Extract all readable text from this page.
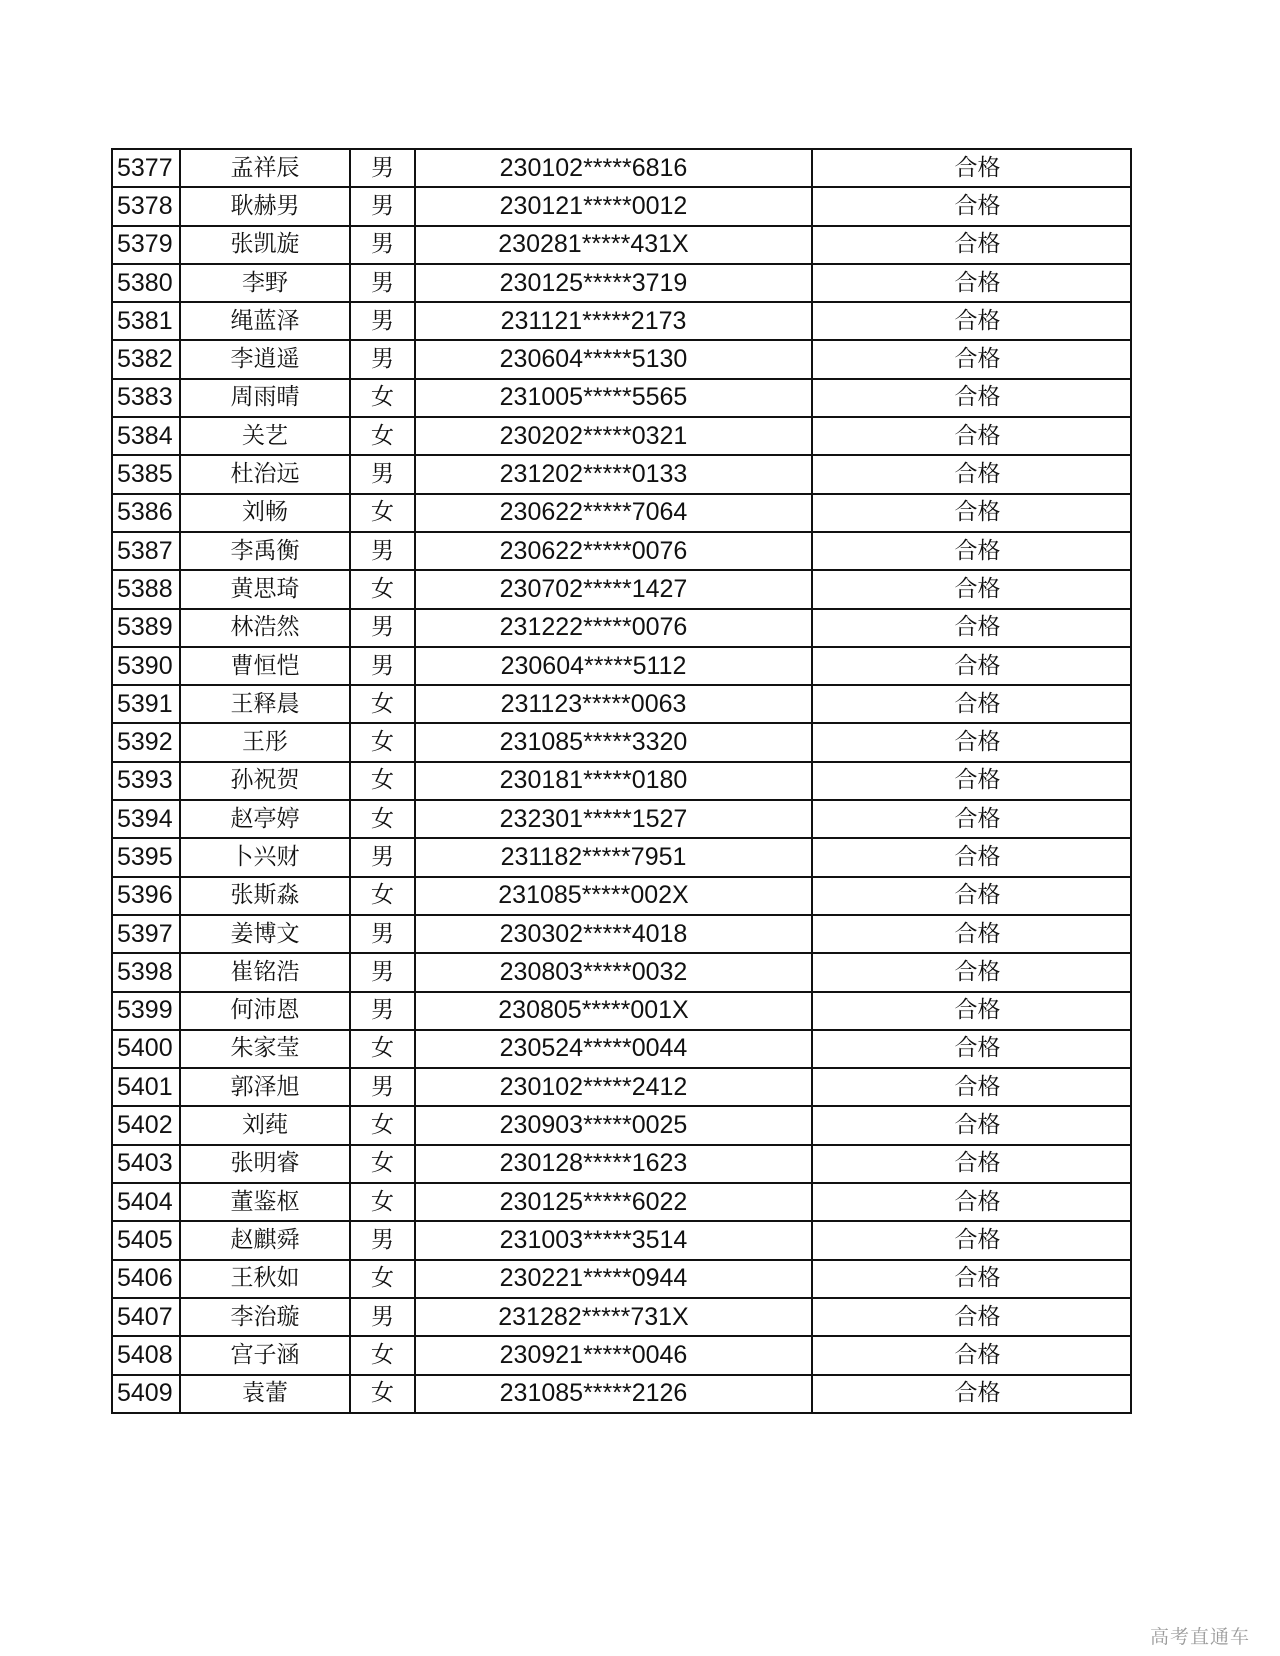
5377	孟祥辰	男	230102*****6816	合格
5378	耿赫男	男	230121*****0012	合格
5379	张凯旋	男	230281*****431X	合格
5380	李野	男	230125*****3719	合格
5381	绳蓝泽	男	231121*****2173	合格
5382	李逍遥	男	230604*****5130	合格
5383	周雨晴	女	231005*****5565	合格
5384	关艺	女	230202*****0321	合格
5385	杜治远	男	231202*****0133	合格
5386	刘畅	女	230622*****7064	合格
5387	李禹衡	男	230622*****0076	合格
5388	黄思琦	女	230702*****1427	合格
5389	林浩然	男	231222*****0076	合格
5390	曹恒恺	男	230604*****5112	合格
5391	王释晨	女	231123*****0063	合格
5392	王彤	女	231085*****3320	合格
5393	孙祝贺	女	230181*****0180	合格
5394	赵亭婷	女	232301*****1527	合格
5395	卜兴财	男	231182*****7951	合格
5396	张斯淼	女	231085*****002X	合格
5397	姜博文	男	230302*****4018	合格
5398	崔铭浩	男	230803*****0032	合格
5399	何沛恩	男	230805*****001X	合格
5400	朱家莹	女	230524*****0044	合格
5401	郭泽旭	男	230102*****2412	合格
5402	刘莼	女	230903*****0025	合格
5403	张明睿	女	230128*****1623	合格
5404	董鉴枢	女	230125*****6022	合格
5405	赵麒舜	男	231003*****3514	合格
5406	王秋如	女	230221*****0944	合格
5407	李治璇	男	231282*****731X	合格
5408	宫子涵	女	230921*****0046	合格
5409	袁蕾	女	231085*****2126	合格
高考直通车
